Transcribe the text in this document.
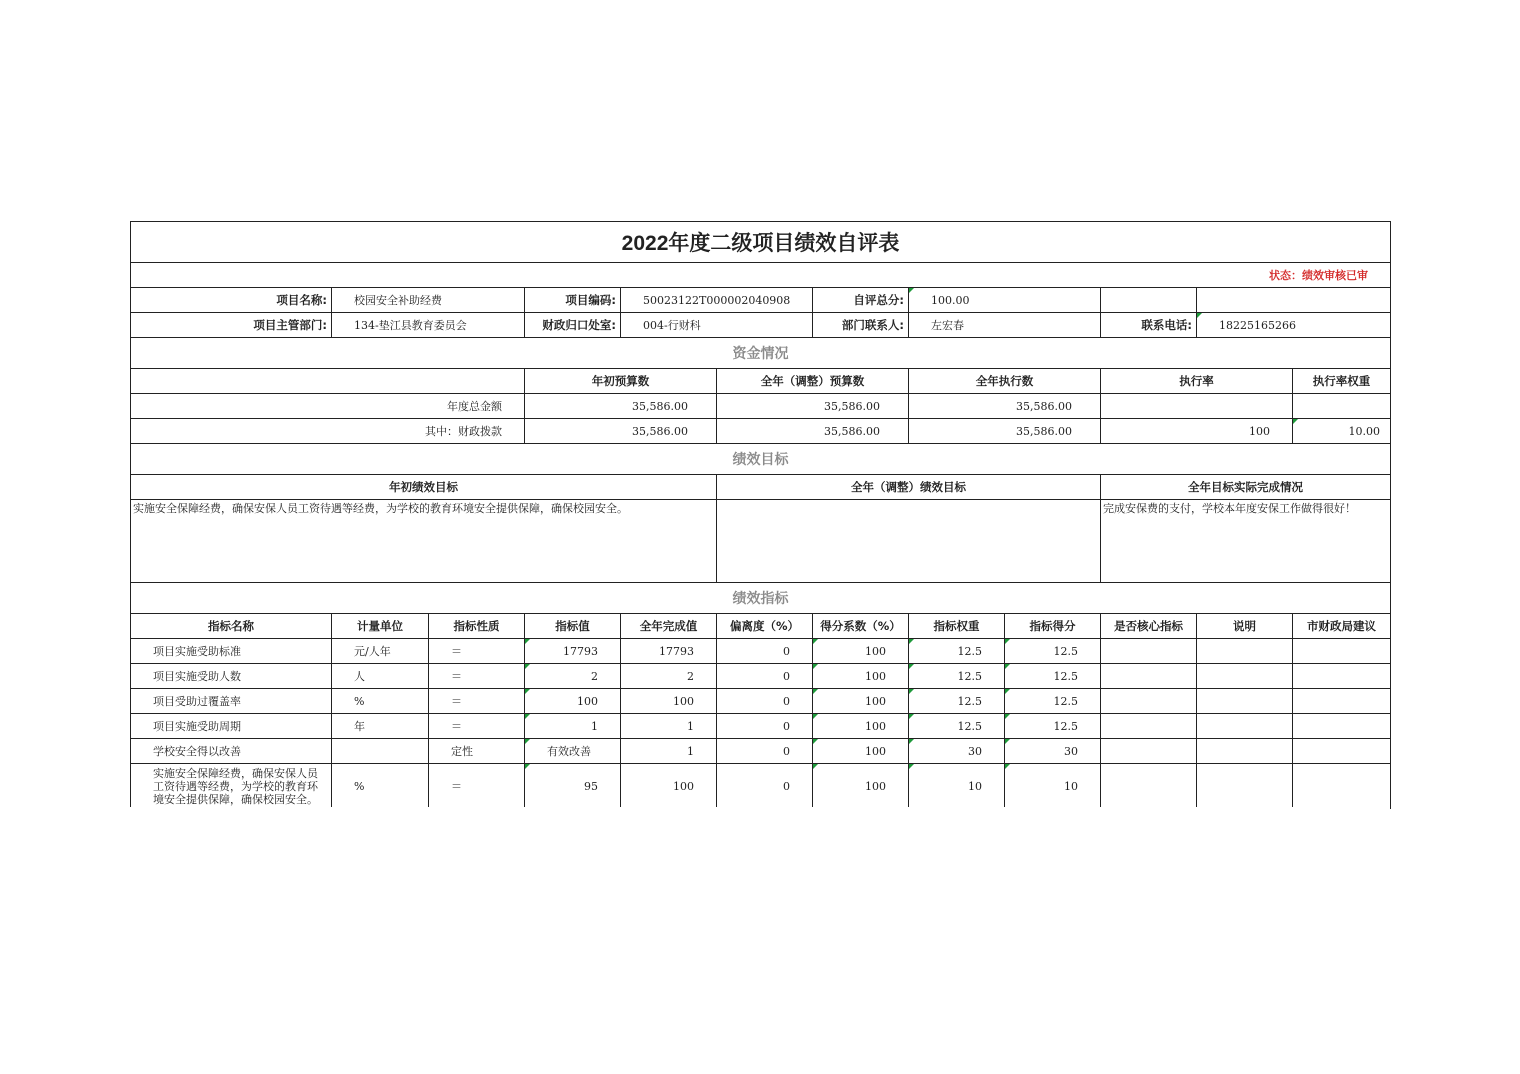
2022年度二级项目绩效自评表												
状态：绩效审核已审												
项目名称:	校园安全补助经费		项目编码:	50023122T000002040908		自评总分:	100.00					
项目主管部门:	134-垫江县教育委员会		财政归口处室:	004-行财科		部门联系人:	左宏春		联系电话:	18225165266		
资金情况												
			年初预算数		全年（调整）预算数		全年执行数		执行率		执行率权重	
年度总金额			35,586.00		35,586.00		35,586.00					
其中：财政拨款			35,586.00		35,586.00		35,586.00		100		10.00	
绩效目标												
年初绩效目标					全年（调整）绩效目标				全年目标实际完成情况			
实施安全保障经费，确保安保人员工资待遇等经费，为学校的教育环境安全提供保障，确保校园安全。									完成安保费的支付，学校本年度安保工作做得很好！			
绩效指标												
指标名称	计量单位	指标性质	指标值	全年完成值	偏离度（%）	得分系数（%）	指标权重	指标得分	是否核心指标	说明	市财政局建议	
项目实施受助标准	元/人年	＝	17793	17793	0	100	12.5	12.5				
项目实施受助人数	人	＝	2	2	0	100	12.5	12.5				
项目受助过覆盖率	%	＝	100	100	0	100	12.5	12.5				
项目实施受助周期	年	＝	1	1	0	100	12.5	12.5				
学校安全得以改善		定性	有效改善	1	0	100	30	30				
实施安全保障经费，确保安保人员工资待遇等经费，为学校的教育环境安全提供保障，确保校园安全。	%	＝	95	100	0	100	10	10				
